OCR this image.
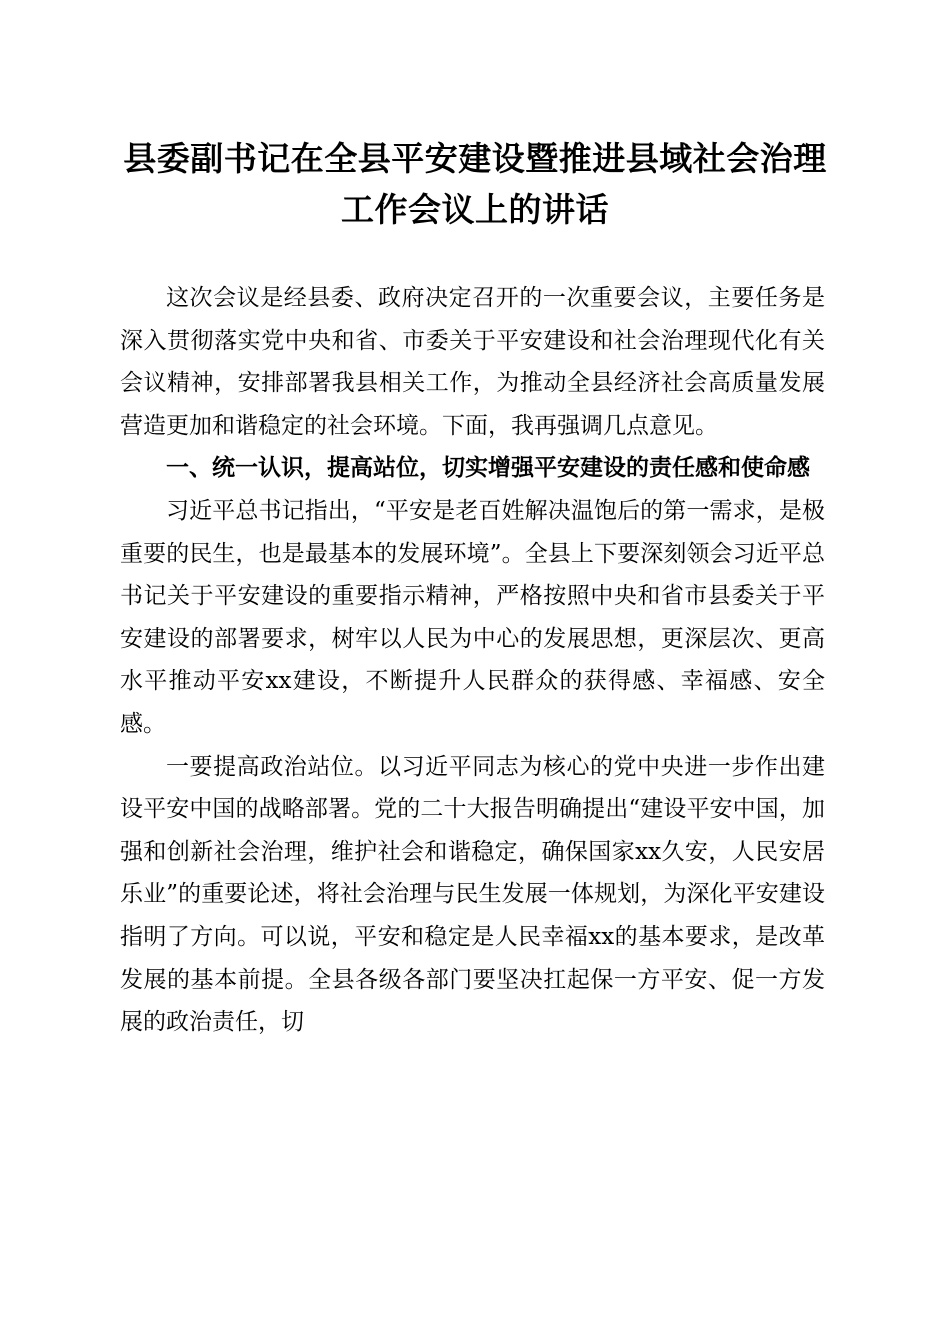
县委副书记在全县平安建设暨推进县域社会治理工作会议上的讲话

这次会议是经县委、政府决定召开的一次重要会议，主要任务是深入贯彻落实党中央和省、市委关于平安建设和社会治理现代化有关会议精神，安排部署我县相关工作，为推动全县经济社会高质量发展营造更加和谐稳定的社会环境。下面，我再强调几点意见。

一、统一认识，提高站位，切实增强平安建设的责任感和使命感

习近平总书记指出，“平安是老百姓解决温饱后的第一需求，是极重要的民生，也是最基本的发展环境”。全县上下要深刻领会习近平总书记关于平安建设的重要指示精神，严格按照中央和省市县委关于平安建设的部署要求，树牢以人民为中心的发展思想，更深层次、更高水平推动平安xx建设，不断提升人民群众的获得感、幸福感、安全感。

一要提高政治站位。以习近平同志为核心的党中央进一步作出建设平安中国的战略部署。党的二十大报告明确提出“建设平安中国，加强和创新社会治理，维护社会和谐稳定，确保国家xx久安，人民安居乐业”的重要论述，将社会治理与民生发展一体规划，为深化平安建设指明了方向。可以说，平安和稳定是人民幸福xx的基本要求，是改革发展的基本前提。全县各级各部门要坚决扛起保一方平安、促一方发展的政治责任，切
